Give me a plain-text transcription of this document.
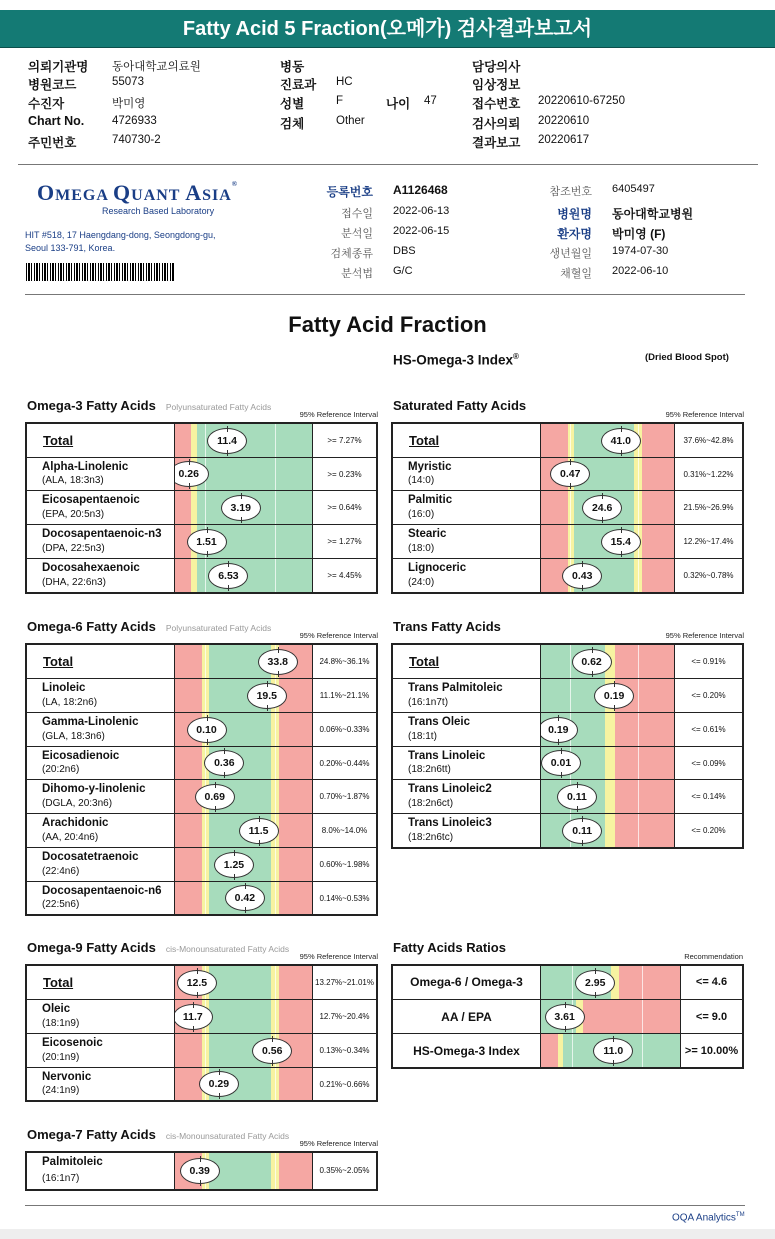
Fatty Acid 5 Fraction(오메가) 검사결과보고서
의뢰기관명 동아대학교의료원
병원코드	55073
수진자	박미영
Chart No. 4726933
주민번호	740730-2
병동
진료과 HC
성별	F
검체	Other
나이 47
담당의사
임상정보
접수번호 20220610-67250
검사의뢰 20220610
결과보고 20220617
OMEGA QUANT ASIA®
Research Based Laboratory
HIT #518, 17 Haengdang-dong, Seongdong-gu,
Seoul 133-791, Korea.
등록번호 A1126468
접수일 2022-06-13
분석일 2022-06-15
검체종류 DBS
분석법 G/C
참조번호 6405497
병원명 동아대학교병원
환자명 박미영 (F)
생년월일 1974-07-30
채혈일 2022-06-10
Fatty Acid Fraction
HS-Omega-3 Index®	(Dried Blood Spot)
Omega-3 Fatty Acids Polyunsaturated Fatty Acids
95% Reference Interval
Total	11.4	>= 7.27%
Alpha-Linolenic
(ALA, 18:3n3)
0.26	>= 0.23%
Eicosapentaenoic
(EPA, 20:5n3)
3.19	>= 0.64%
Docosapentaenoic-n3
(DPA, 22:5n3)
1.51	>= 1.27%
Docosahexaenoic
(DHA, 22:6n3)
6.53	>= 4.45%
Saturated Fatty Acids
95% Reference Interval
Total	41.0	37.6%~42.8%
Myristic
(14:0)
0.47	0.31%~1.22%
Palmitic
(16:0)
24.6	21.5%~26.9%
Stearic
(18:0)
15.4	12.2%~17.4%
Lignoceric
(24:0)
0.43	0.32%~0.78%
Omega-6 Fatty Acids Polyunsaturated Fatty Acids
95% Reference Interval
Total	33.8	24.8%~36.1%
Linoleic
(LA, 18:2n6)
19.5	11.1%~21.1%
Gamma-Linolenic
(GLA, 18:3n6)
0.10	0.06%~0.33%
Eicosadienoic
(20:2n6)
0.36	0.20%~0.44%
Dihomo-y-linolenic
(DGLA, 20:3n6)
0.69	0.70%~1.87%
Arachidonic
(AA, 20:4n6)
11.5	8.0%~14.0%
Docosatetraenoic
(22:4n6)
1.25	0.60%~1.98%
Docosapentaenoic-n6
(22:5n6)
0.42	0.14%~0.53%
Trans Fatty Acids
95% Reference Interval
Total	0.62	<= 0.91%
Trans Palmitoleic
(16:1n7t)
0.19	<= 0.20%
Trans Oleic
(18:1t)
0.19	<= 0.61%
Trans Linoleic
(18:2n6tt)
0.01	<= 0.09%
Trans Linoleic2
(18:2n6ct)
0.11	<= 0.14%
Trans Linoleic3
(18:2n6tc)
0.11	<= 0.20%
Omega-9 Fatty Acids cis-Monounsaturated Fatty Acids
95% Reference Interval
Total	12.5	13.27%~21.01%
Oleic
(18:1n9)
11.7	12.7%~20.4%
Eicosenoic
(20:1n9)
0.56	0.13%~0.34%
Nervonic
(24:1n9)
0.29	0.21%~0.66%
Omega-7 Fatty Acids cis-Monounsaturated Fatty Acids
95% Reference Interval
Palmitoleic
(16:1n7)
0.39	0.35%~2.05%
Fatty Acids Ratios
Recommendation
Omega-6 / Omega-3	2.95	<= 4.6
AA / EPA	3.61	<= 9.0
HS-Omega-3 Index	11.0	>= 10.00%
OQA Analytics™
